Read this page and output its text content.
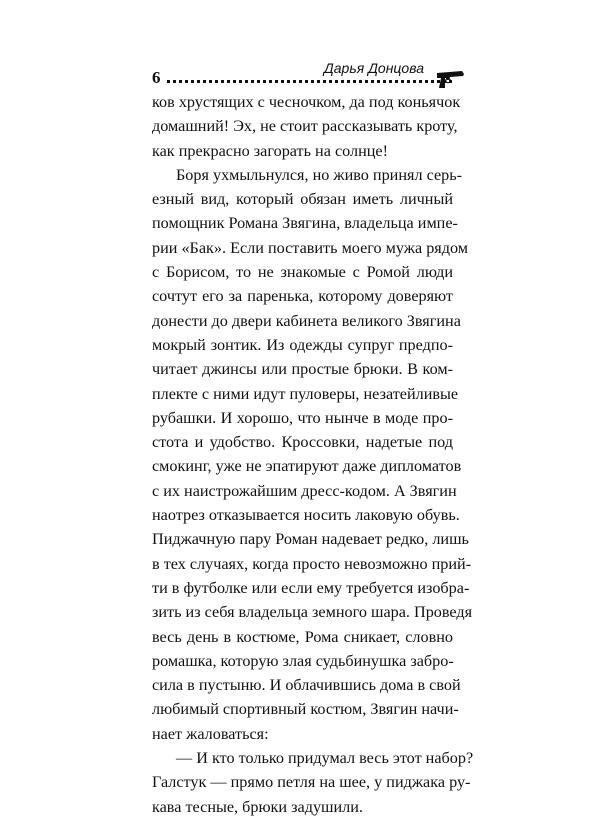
6	Дарья Донцова
ков хрустящих с чесночком, да под коньячок
домашний! Эх, не стоит рассказывать кроту,
как прекрасно загорать на солнце!
Боря ухмыльнулся, но живо принял серь-
езный вид, который обязан иметь личный
помощник Романа Звягина, владельца импе-
рии «Бак». Если поставить моего мужа рядом
с Борисом, то не знакомые с Ромой люди
сочтут его за паренька, которому доверяют
донести до двери кабинета великого Звягина
мокрый зонтик. Из одежды супруг предпо-
читает джинсы или простые брюки. В ком-
плекте с ними идут пуловеры, незатейливые
рубашки. И хорошо, что нынче в моде про-
стота и удобство. Кроссовки, надетые под
смокинг, уже не эпатируют даже дипломатов
с их наистрожайшим дресс-кодом. А Звягин
наотрез отказывается носить лаковую обувь.
Пиджачную пару Роман надевает редко, лишь
в тех случаях, когда просто невозможно прий-
ти в футболке или если ему требуется изобра-
зить из себя владельца земного шара. Проведя
весь день в костюме, Рома сникает, словно
ромашка, которую злая судьбинушка забро-
сила в пустыню. И облачившись дома в свой
любимый спортивный костюм, Звягин начи-
нает жаловаться:
— И кто только придумал весь этот набор?
Галстук — прямо петля на шее, у пиджака ру-
кава тесные, брюки задушили.
